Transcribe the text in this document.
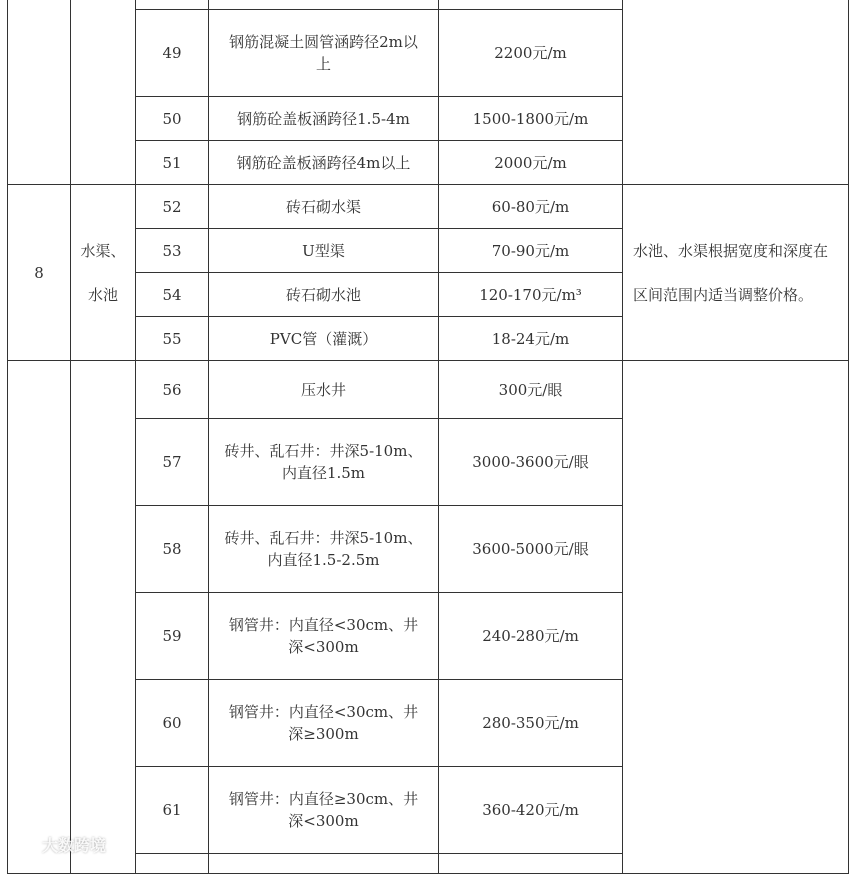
		49	钢筋混凝土圆管涵跨径2m以上	2200元/m	
		50	钢筋砼盖板涵跨径1.5-4m	1500-1800元/m	
		51	钢筋砼盖板涵跨径4m以上	2000元/m	
8	水渠、水池	52	砖石砌水渠	60-80元/m	水池、水渠根据宽度和深度在区间范围内适当调整价格。
		53	U型渠	70-90元/m	
		54	砖石砌水池	120-170元/m³	
		55	PVC管（灌溉）	18-24元/m	
		56	压水井	300元/眼	
		57	砖井、乱石井：井深5-10m、内直径1.5m	3000-3600元/眼	
		58	砖井、乱石井：井深5-10m、内直径1.5-2.5m	3600-5000元/眼	
		59	钢管井：内直径<30cm、井深<300m	240-280元/m	
		60	钢管井：内直径<30cm、井深≥300m	280-350元/m	
		61	钢管井：内直径≥30cm、井深<300m	360-420元/m	

大数跨境
